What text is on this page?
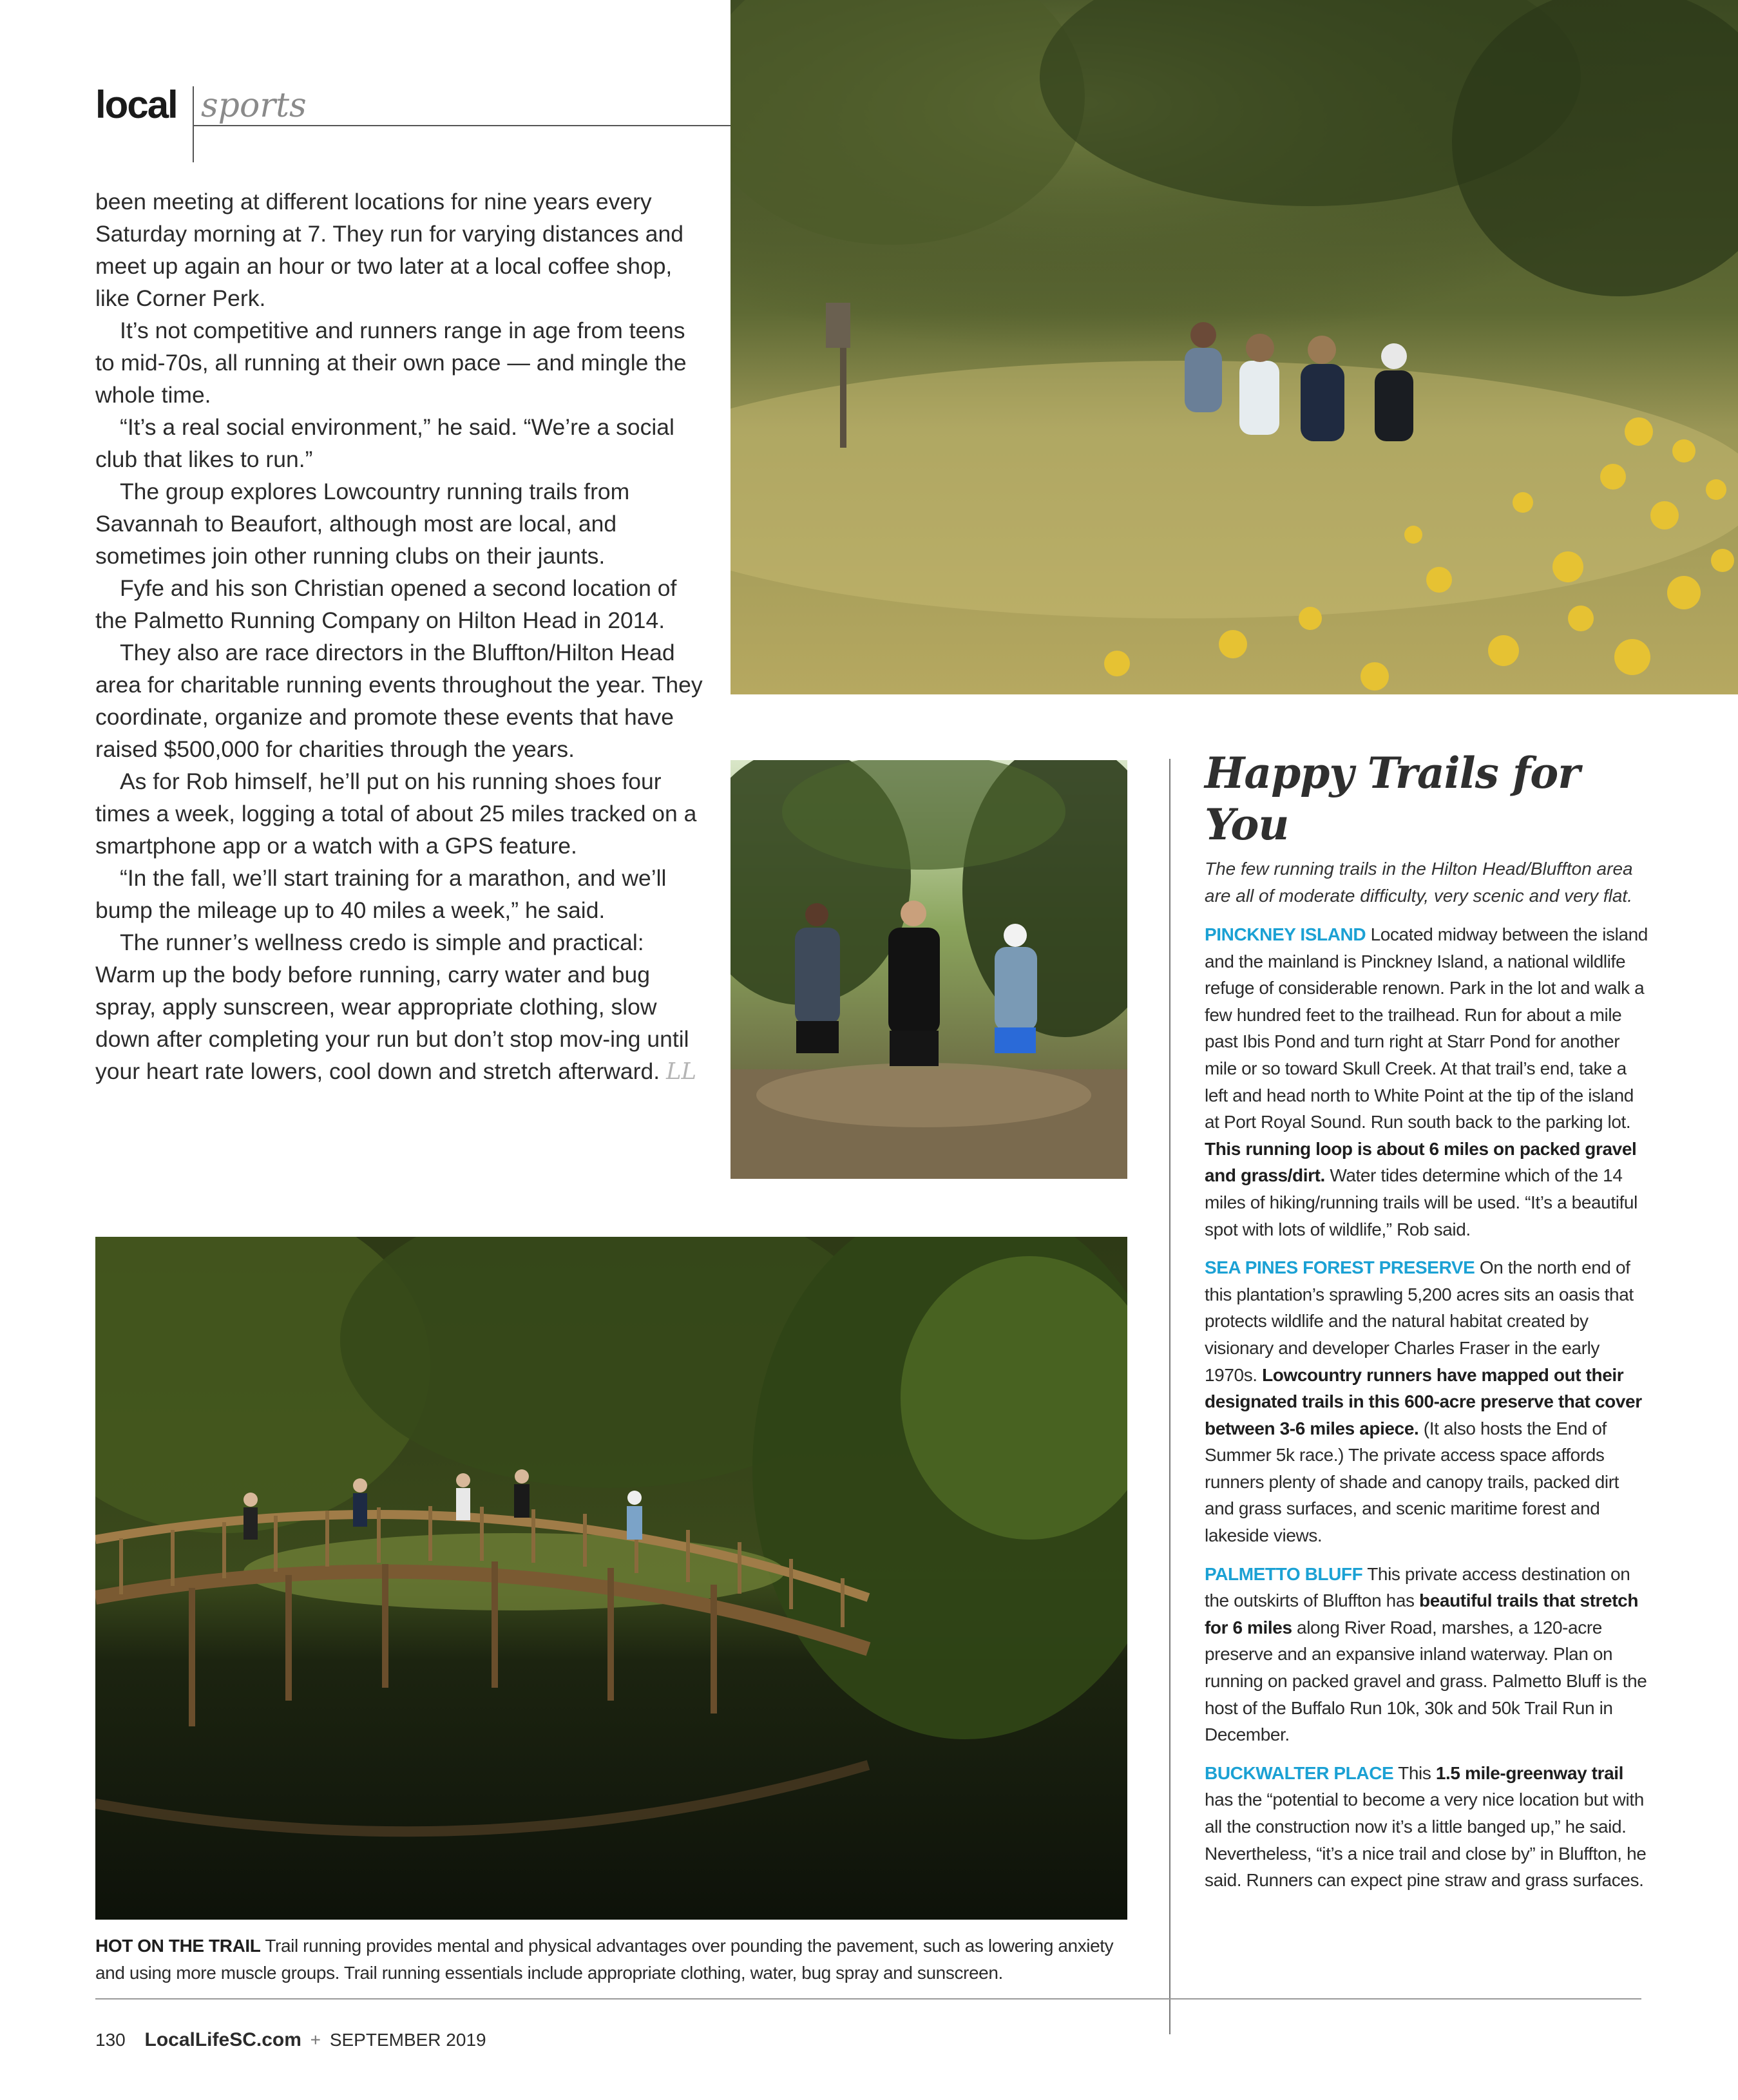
local sports

been meeting at different locations for nine years every Saturday morning at 7. They run for varying distances and meet up again an hour or two later at a local coffee shop, like Corner Perk.

It’s not competitive and runners range in age from teens to mid-70s, all running at their own pace — and mingle the whole time.

“It’s a real social environment,” he said. “We’re a social club that likes to run.”

The group explores Lowcountry running trails from Savannah to Beaufort, although most are local, and sometimes join other running clubs on their jaunts.

Fyfe and his son Christian opened a second location of the Palmetto Running Company on Hilton Head in 2014.

They also are race directors in the Bluffton/Hilton Head area for charitable running events throughout the year. They coordinate, organize and promote these events that have raised $500,000 for charities through the years.

As for Rob himself, he’ll put on his running shoes four times a week, logging a total of about 25 miles tracked on a smartphone app or a watch with a GPS feature.

“In the fall, we’ll start training for a marathon, and we’ll bump the mileage up to 40 miles a week,” he said.

The runner’s wellness credo is simple and practical: Warm up the body before running, carry water and bug spray, apply sunscreen, wear appropriate clothing, slow down after completing your run but don’t stop mov-ing until your heart rate lowers, cool down and stretch afterward. LL

Happy Trails for You
The few running trails in the Hilton Head/Bluffton area are all of moderate difficulty, very scenic and very flat.

PINCKNEY ISLAND Located midway between the island and the mainland is Pinckney Island, a national wildlife refuge of considerable renown. Park in the lot and walk a few hundred feet to the trailhead. Run for about a mile past Ibis Pond and turn right at Starr Pond for another mile or so toward Skull Creek. At that trail’s end, take a left and head north to White Point at the tip of the island at Port Royal Sound. Run south back to the parking lot. This running loop is about 6 miles on packed gravel and grass/dirt. Water tides determine which of the 14 miles of hiking/running trails will be used. “It’s a beautiful spot with lots of wildlife,” Rob said.

SEA PINES FOREST PRESERVE On the north end of this plantation’s sprawling 5,200 acres sits an oasis that protects wildlife and the natural habitat created by visionary and developer Charles Fraser in the early 1970s. Lowcountry runners have mapped out their designated trails in this 600-acre preserve that cover between 3-6 miles apiece. (It also hosts the End of Summer 5k race.) The private access space affords runners plenty of shade and canopy trails, packed dirt and grass surfaces, and scenic maritime forest and lakeside views.

PALMETTO BLUFF This private access destination on the outskirts of Bluffton has beautiful trails that stretch for 6 miles along River Road, marshes, a 120-acre preserve and an expansive inland waterway. Plan on running on packed gravel and grass. Palmetto Bluff is the host of the Buffalo Run 10k, 30k and 50k Trail Run in December.

BUCKWALTER PLACE This 1.5 mile-greenway trail has the “potential to become a very nice location but with all the construction now it’s a little banged up,” he said. Nevertheless, “it’s a nice trail and close by” in Bluffton, he said. Runners can expect pine straw and grass surfaces.

HOT ON THE TRAIL Trail running provides mental and physical advantages over pounding the pavement, such as lowering anxiety and using more muscle groups. Trail running essentials include appropriate clothing, water, bug spray and sunscreen.
130 LocalLifeSC.com + SEPTEMBER 2019
